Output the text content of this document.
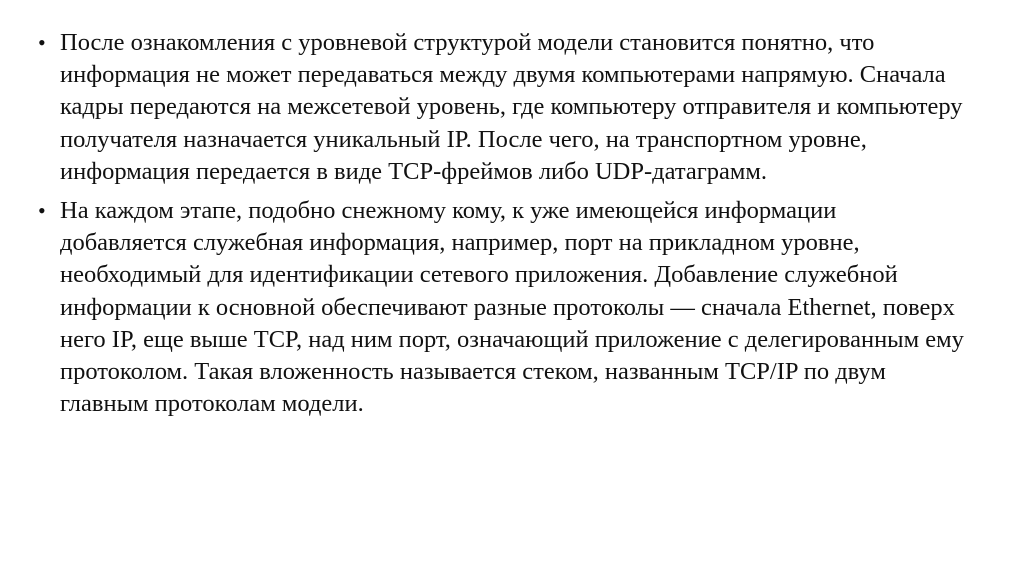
• После ознакомления с уровневой структурой модели становится понятно, что информация не может передаваться между двумя компьютерами напрямую. Сначала кадры передаются на межсетевой уровень, где компьютеру отправителя и компьютеру получателя назначается уникальный IP. После чего, на транспортном уровне, информация передается в виде TCP-фреймов либо UDP-датаграмм.
• На каждом этапе, подобно снежному кому, к уже имеющейся информации добавляется служебная информация, например, порт на прикладном уровне, необходимый для идентификации сетевого приложения. Добавление служебной информации к основной обеспечивают разные протоколы — сначала Ethernet, поверх него IP, еще выше TCP, над ним порт, означающий приложение с делегированным ему протоколом. Такая вложенность называется стеком, названным TCP/IP по двум главным протоколам модели.
